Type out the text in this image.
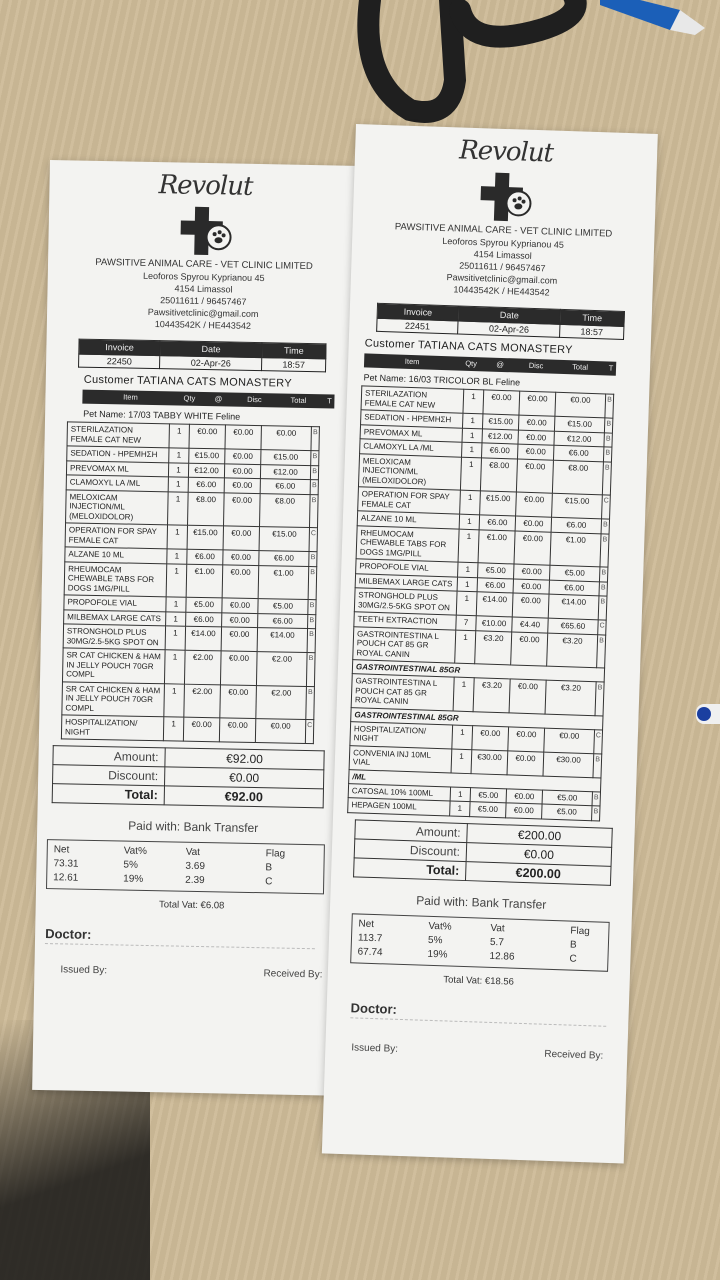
Revolut
PAWSITIVE ANIMAL CARE - VET CLINIC LIMITED
Leoforos Spyrou Kyprianou 45
4154 Limassol
25011611 / 96457467
Pawsitivetclinic@gmail.com
10443542K / HE443542
Invoice	Date	Time
22450	02-Apr-26	18:57
Customer TATIANA CATS MONASTERY
Item	Qty	@	Disc	Total	T
Pet Name: 17/03 TABBY WHITE Feline
STERILAZATION FEMALE CAT NEW	1	€0.00	€0.00	€0.00	B
SEDATION - ΗΡΕΜΗΣΗ	1	€15.00	€0.00	€15.00	B
PREVOMAX ML	1	€12.00	€0.00	€12.00	B
CLAMOXYL LA /ML	1	€6.00	€0.00	€6.00	B
MELOXICAM INJECTION/ML (MELOXIDOLOR)	1	€8.00	€0.00	€8.00	B
OPERATION FOR SPAY FEMALE CAT	1	€15.00	€0.00	€15.00	C
ALZANE 10 ML	1	€6.00	€0.00	€6.00	B
RHEUMOCAM CHEWABLE TABS FOR DOGS 1MG/PILL	1	€1.00	€0.00	€1.00	B
PROPOFOLE VIAL	1	€5.00	€0.00	€5.00	B
MILBEMAX LARGE CATS	1	€6.00	€0.00	€6.00	B
STRONGHOLD PLUS 30MG/2.5-5KG SPOT ON	1	€14.00	€0.00	€14.00	B
SR CAT CHICKEN & HAM IN JELLY POUCH 70GR COMPL	1	€2.00	€0.00	€2.00	B
SR CAT CHICKEN & HAM IN JELLY POUCH 70GR COMPL	1	€2.00	€0.00	€2.00	B
HOSPITALIZATION/ NIGHT	1	€0.00	€0.00	€0.00	C
Amount:	€92.00
Discount:	€0.00
Total:	€92.00
Paid with: Bank Transfer
Net	Vat%	Vat	Flag
73.31	5%	3.69	B
12.61	19%	2.39	C
Total Vat: €6.08
Doctor:
Issued By:	Received By:
Revolut
PAWSITIVE ANIMAL CARE - VET CLINIC LIMITED
Leoforos Spyrou Kyprianou 45
4154 Limassol
25011611 / 96457467
Pawsitivetclinic@gmail.com
10443542K / HE443542
Invoice	Date	Time
22451	02-Apr-26	18:57
Customer TATIANA CATS MONASTERY
Item	Qty	@	Disc	Total	T
Pet Name: 16/03 TRICOLOR BL Feline
STERILAZATION FEMALE CAT NEW	1	€0.00	€0.00	€0.00	B
SEDATION - ΗΡΕΜΗΣΗ	1	€15.00	€0.00	€15.00	B
PREVOMAX ML	1	€12.00	€0.00	€12.00	B
CLAMOXYL LA /ML	1	€6.00	€0.00	€6.00	B
MELOXICAM INJECTION/ML (MELOXIDOLOR)	1	€8.00	€0.00	€8.00	B
OPERATION FOR SPAY FEMALE CAT	1	€15.00	€0.00	€15.00	C
ALZANE 10 ML	1	€6.00	€0.00	€6.00	B
RHEUMOCAM CHEWABLE TABS FOR DOGS 1MG/PILL	1	€1.00	€0.00	€1.00	B
PROPOFOLE VIAL	1	€5.00	€0.00	€5.00	B
MILBEMAX LARGE CATS	1	€6.00	€0.00	€6.00	B
STRONGHOLD PLUS 30MG/2.5-5KG SPOT ON	1	€14.00	€0.00	€14.00	B
TEETH EXTRACTION	7	€10.00	€4.40	€65.60	C
GASTROINTESTINA L POUCH CAT 85 GR ROYAL CANIN	1	€3.20	€0.00	€3.20	B
GASTROINTESTINAL 85GR					
GASTROINTESTINA L POUCH CAT 85 GR ROYAL CANIN	1	€3.20	€0.00	€3.20	B
GASTROINTESTINAL 85GR					
HOSPITALIZATION/ NIGHT	1	€0.00	€0.00	€0.00	C
CONVENIA INJ 10ML VIAL	1	€30.00	€0.00	€30.00	B
/ML					
CATOSAL 10% 100ML	1	€5.00	€0.00	€5.00	B
HEPAGEN 100ML	1	€5.00	€0.00	€5.00	B
Amount:	€200.00
Discount:	€0.00
Total:	€200.00
Paid with: Bank Transfer
Net	Vat%	Vat	Flag
113.7	5%	5.7	B
67.74	19%	12.86	C
Total Vat: €18.56
Doctor:
Issued By:
Received By:
